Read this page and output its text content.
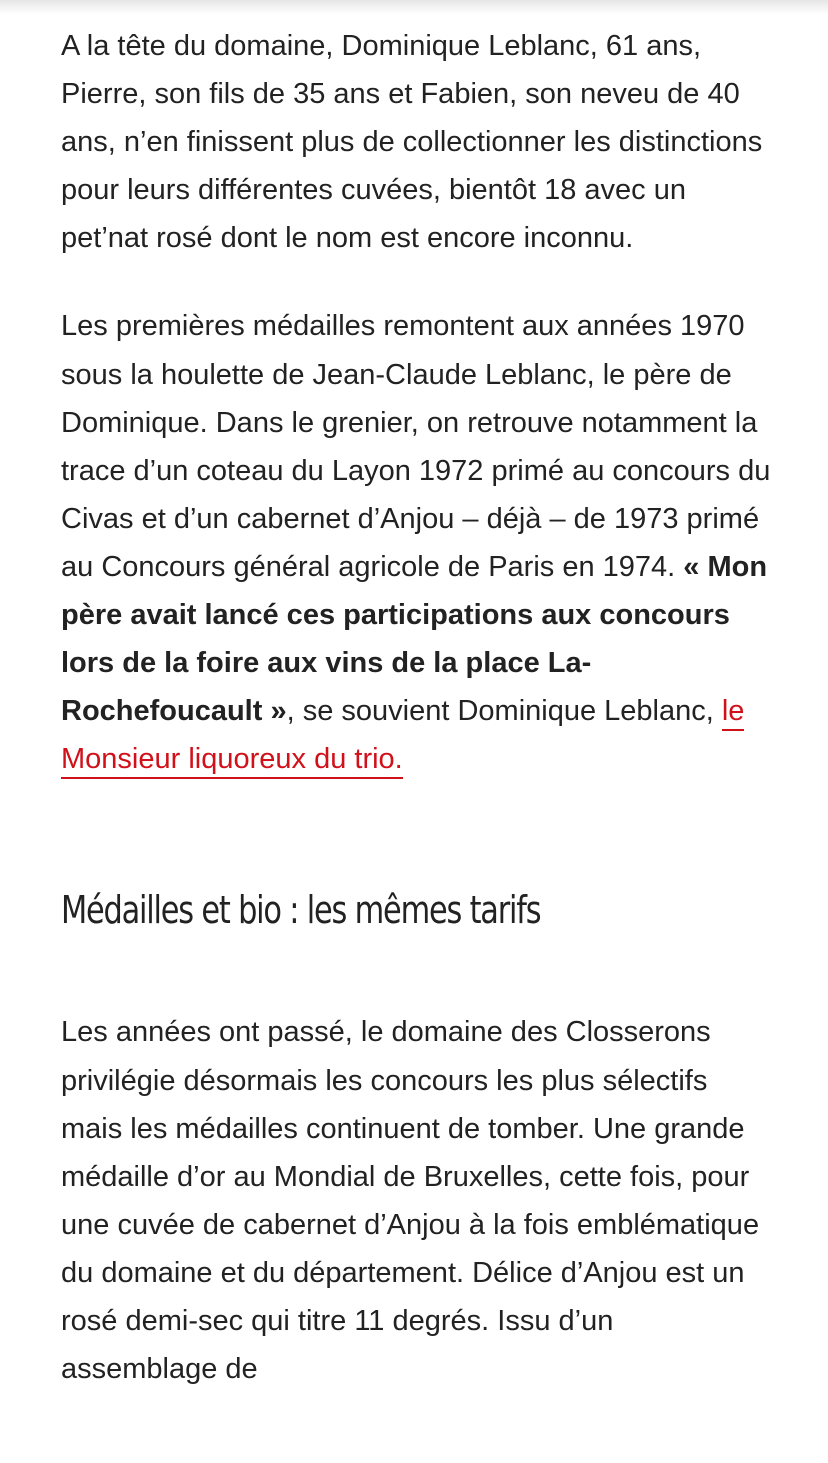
A la tête du domaine, Dominique Leblanc, 61 ans, Pierre, son fils de 35 ans et Fabien, son neveu de 40 ans, n’en finissent plus de collectionner les distinctions pour leurs différentes cuvées, bientôt 18 avec un pet’nat rosé dont le nom est encore inconnu.

Les premières médailles remontent aux années 1970 sous la houlette de Jean-Claude Leblanc, le père de Dominique. Dans le grenier, on retrouve notamment la trace d’un coteau du Layon 1972 primé au concours du Civas et d’un cabernet d’Anjou – déjà – de 1973 primé au Concours général agricole de Paris en 1974. « Mon père avait lancé ces participations aux concours lors de la foire aux vins de la place La-Rochefoucault », se souvient Dominique Leblanc, le Monsieur liquoreux du trio.

Médailles et bio : les mêmes tarifs

Les années ont passé, le domaine des Closserons privilégie désormais les concours les plus sélectifs mais les médailles continuent de tomber. Une grande médaille d’or au Mondial de Bruxelles, cette fois, pour une cuvée de cabernet d’Anjou à la fois emblématique du domaine et du département. Délice d’Anjou est un rosé demi-sec qui titre 11 degrés. Issu d’un assemblage de
